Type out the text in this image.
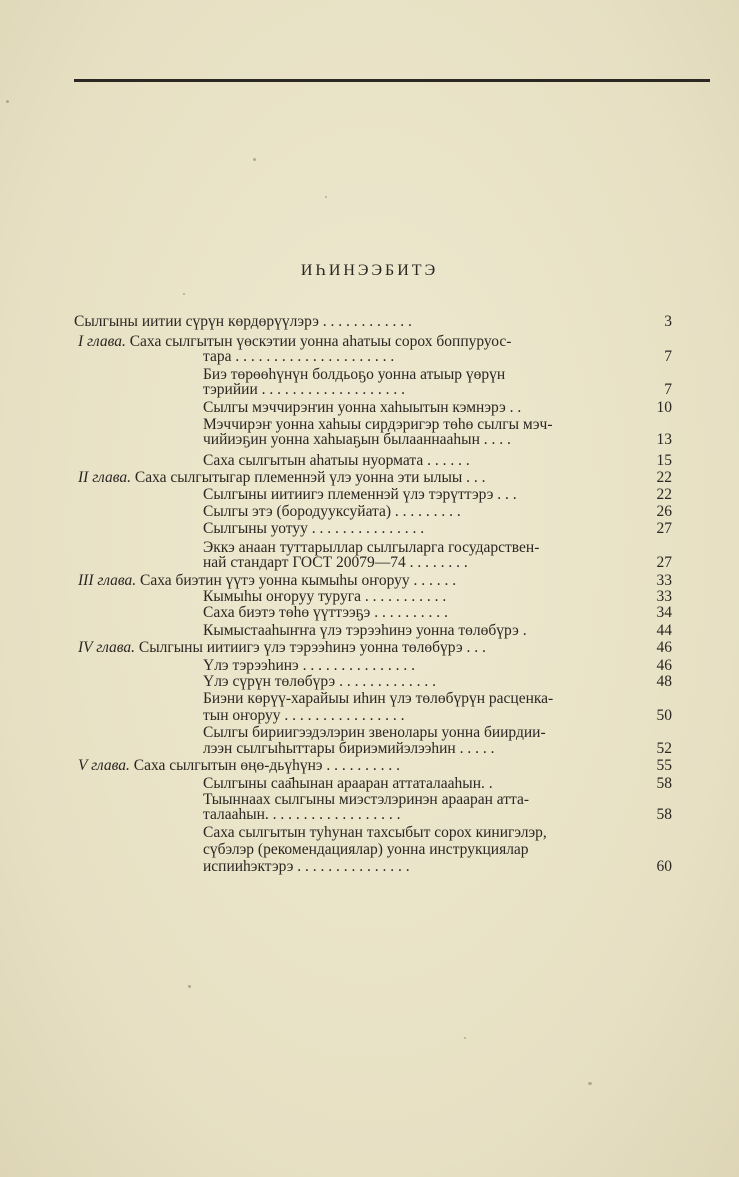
ИҺИНЭЭБИТЭ
Сылгыны иитии сүрүн көрдөрүүлэрэ . . . . . . . . . . . .	3
I глава. Саха сылгытын үөскэтии уонна аһатыы сорох боппуруос-
тара . . . . . . . . . . . . . . . . . . . . .	7
Биэ төрөөһүнүн болдьоҕо уонна атыыр үөрүн
тэрийии . . . . . . . . . . . . . . . . . . .	7
Сылгы мэччирэҥин уонна хаһыытын кэмнэрэ . .	10
Мэччирэҥ уонна хаһыы сирдэригэр төһө сылгы мэч-
чийиэҕин уонна хаһыаҕын былааннааһын . . . .	13
Саха сылгытын аһатыы нуормата . . . . . .	15
II глава. Саха сылгытыгар племеннэй үлэ уонна эти ылыы . . .	22
Сылгыны иитиигэ племеннэй үлэ тэрүттэрэ . . .	22
Сылгы этэ (бородууксуйата) . . . . . . . . .	26
Сылгыны уотуу . . . . . . . . . . . . . . .	27
Эккэ анаан туттарыллар сылгыларга государствен-
най стандарт ГОСТ 20079—74 . . . . . . . .	27
III глава. Саха биэтин үүтэ уонна кымыһы оҥоруу . . . . . .	33
Кымыһы оҥоруу туруга . . . . . . . . . . .	33
Саха биэтэ төһө үүттээҕэ . . . . . . . . . .	34
Кымыстааһыҥҥа үлэ тэрээһинэ уонна төлөбүрэ .	44
IV глава. Сылгыны иитиигэ үлэ тэрээһинэ уонна төлөбүрэ . . .	46
Үлэ тэрээһинэ . . . . . . . . . . . . . . .	46
Үлэ сүрүн төлөбүрэ . . . . . . . . . . . . .	48
Биэни көрүү-харайыы иһин үлэ төлөбүрүн расценка-
тын оҥоруу . . . . . . . . . . . . . . . .	50
Сылгы бириигээдэлэрин звенолары уонна биирдии-
лээн сылгыһыттары бириэмийэлээһин . . . . .	52
V глава. Саха сылгытын өңө-дьүһүнэ . . . . . . . . . .	55
Сылгыны саа̄һынан арааран аттаталааһын. .	58
Тыыннаах сылгыны миэстэлэринэн арааран атта-
талааһын. . . . . . . . . . . . . . . . . .	58
Саха сылгытын туһунан тахсыбыт сорох кинигэлэр,
сүбэлэр (рекомендациялар) уонна инструкциялар
испииһэктэрэ . . . . . . . . . . . . . . .	60
